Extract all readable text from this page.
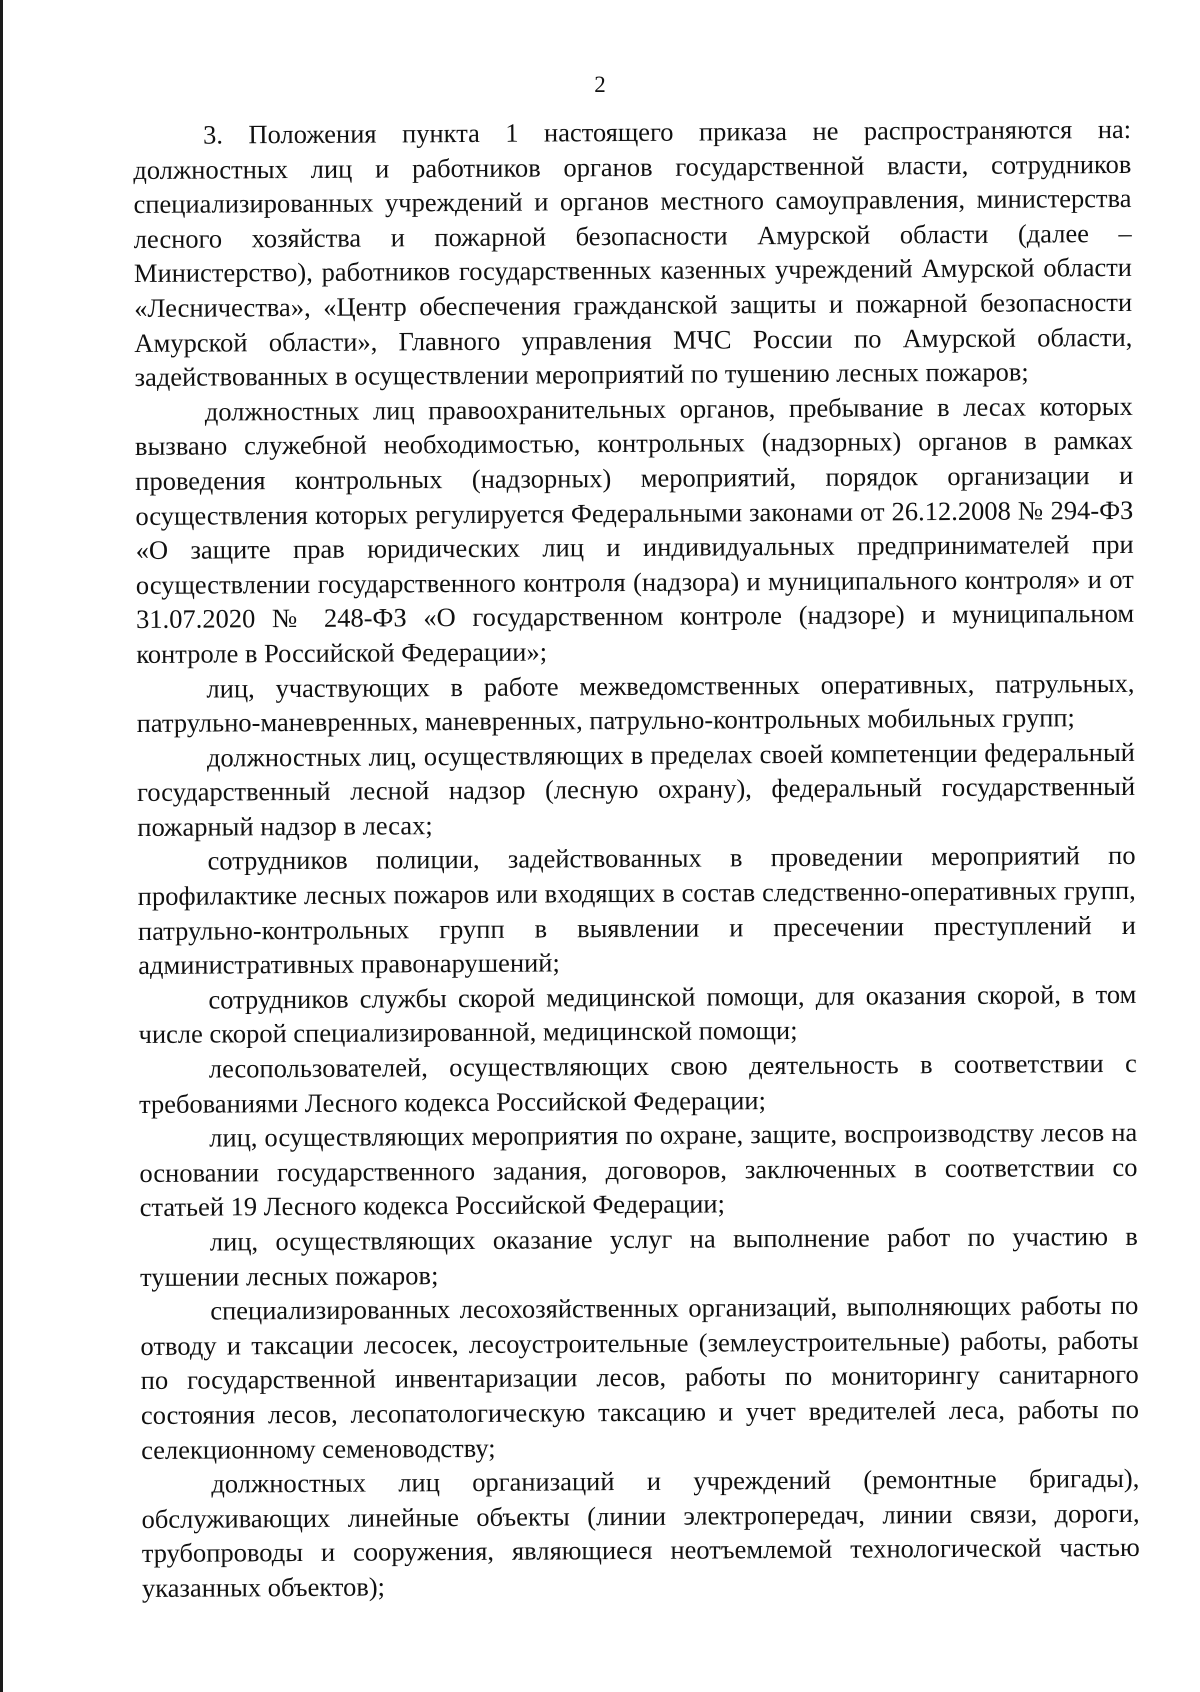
2

3. Положения пункта 1 настоящего приказа не распространяются на: должностных лиц и работников органов государственной власти, сотрудников специализированных учреждений и органов местного самоуправления, министерства лесного хозяйства и пожарной безопасности Амурской области (далее – Министерство), работников государственных казенных учреждений Амурской области «Лесничества», «Центр обеспечения гражданской защиты и пожарной безопасности Амурской области», Главного управления МЧС России по Амурской области, задействованных в осуществлении мероприятий по тушению лесных пожаров;

должностных лиц правоохранительных органов, пребывание в лесах которых вызвано служебной необходимостью, контрольных (надзорных) органов в рамках проведения контрольных (надзорных) мероприятий, порядок организации и осуществления которых регулируется Федеральными законами от 26.12.2008 № 294-ФЗ «О защите прав юридических лиц и индивидуальных предпринимателей при осуществлении государственного контроля (надзора) и муниципального контроля» и от 31.07.2020 № 248-ФЗ «О государственном контроле (надзоре) и муниципальном контроле в Российской Федерации»;

лиц, участвующих в работе межведомственных оперативных, патрульных, патрульно-маневренных, маневренных, патрульно-контрольных мобильных групп;

должностных лиц, осуществляющих в пределах своей компетенции федеральный государственный лесной надзор (лесную охрану), федеральный государственный пожарный надзор в лесах;

сотрудников полиции, задействованных в проведении мероприятий по профилактике лесных пожаров или входящих в состав следственно-оперативных групп, патрульно-контрольных групп в выявлении и пресечении преступлений и административных правонарушений;

сотрудников службы скорой медицинской помощи, для оказания скорой, в том числе скорой специализированной, медицинской помощи;

лесопользователей, осуществляющих свою деятельность в соответствии с требованиями Лесного кодекса Российской Федерации;

лиц, осуществляющих мероприятия по охране, защите, воспроизводству лесов на основании государственного задания, договоров, заключенных в соответствии со статьей 19 Лесного кодекса Российской Федерации;

лиц, осуществляющих оказание услуг на выполнение работ по участию в тушении лесных пожаров;

специализированных лесохозяйственных организаций, выполняющих работы по отводу и таксации лесосек, лесоустроительные (землеустроительные) работы, работы по государственной инвентаризации лесов, работы по мониторингу санитарного состояния лесов, лесопатологическую таксацию и учет вредителей леса, работы по селекционному семеноводству;

должностных лиц организаций и учреждений (ремонтные бригады), обслуживающих линейные объекты (линии электропередач, линии связи, дороги, трубопроводы и сооружения, являющиеся неотъемлемой технологической частью указанных объектов);
